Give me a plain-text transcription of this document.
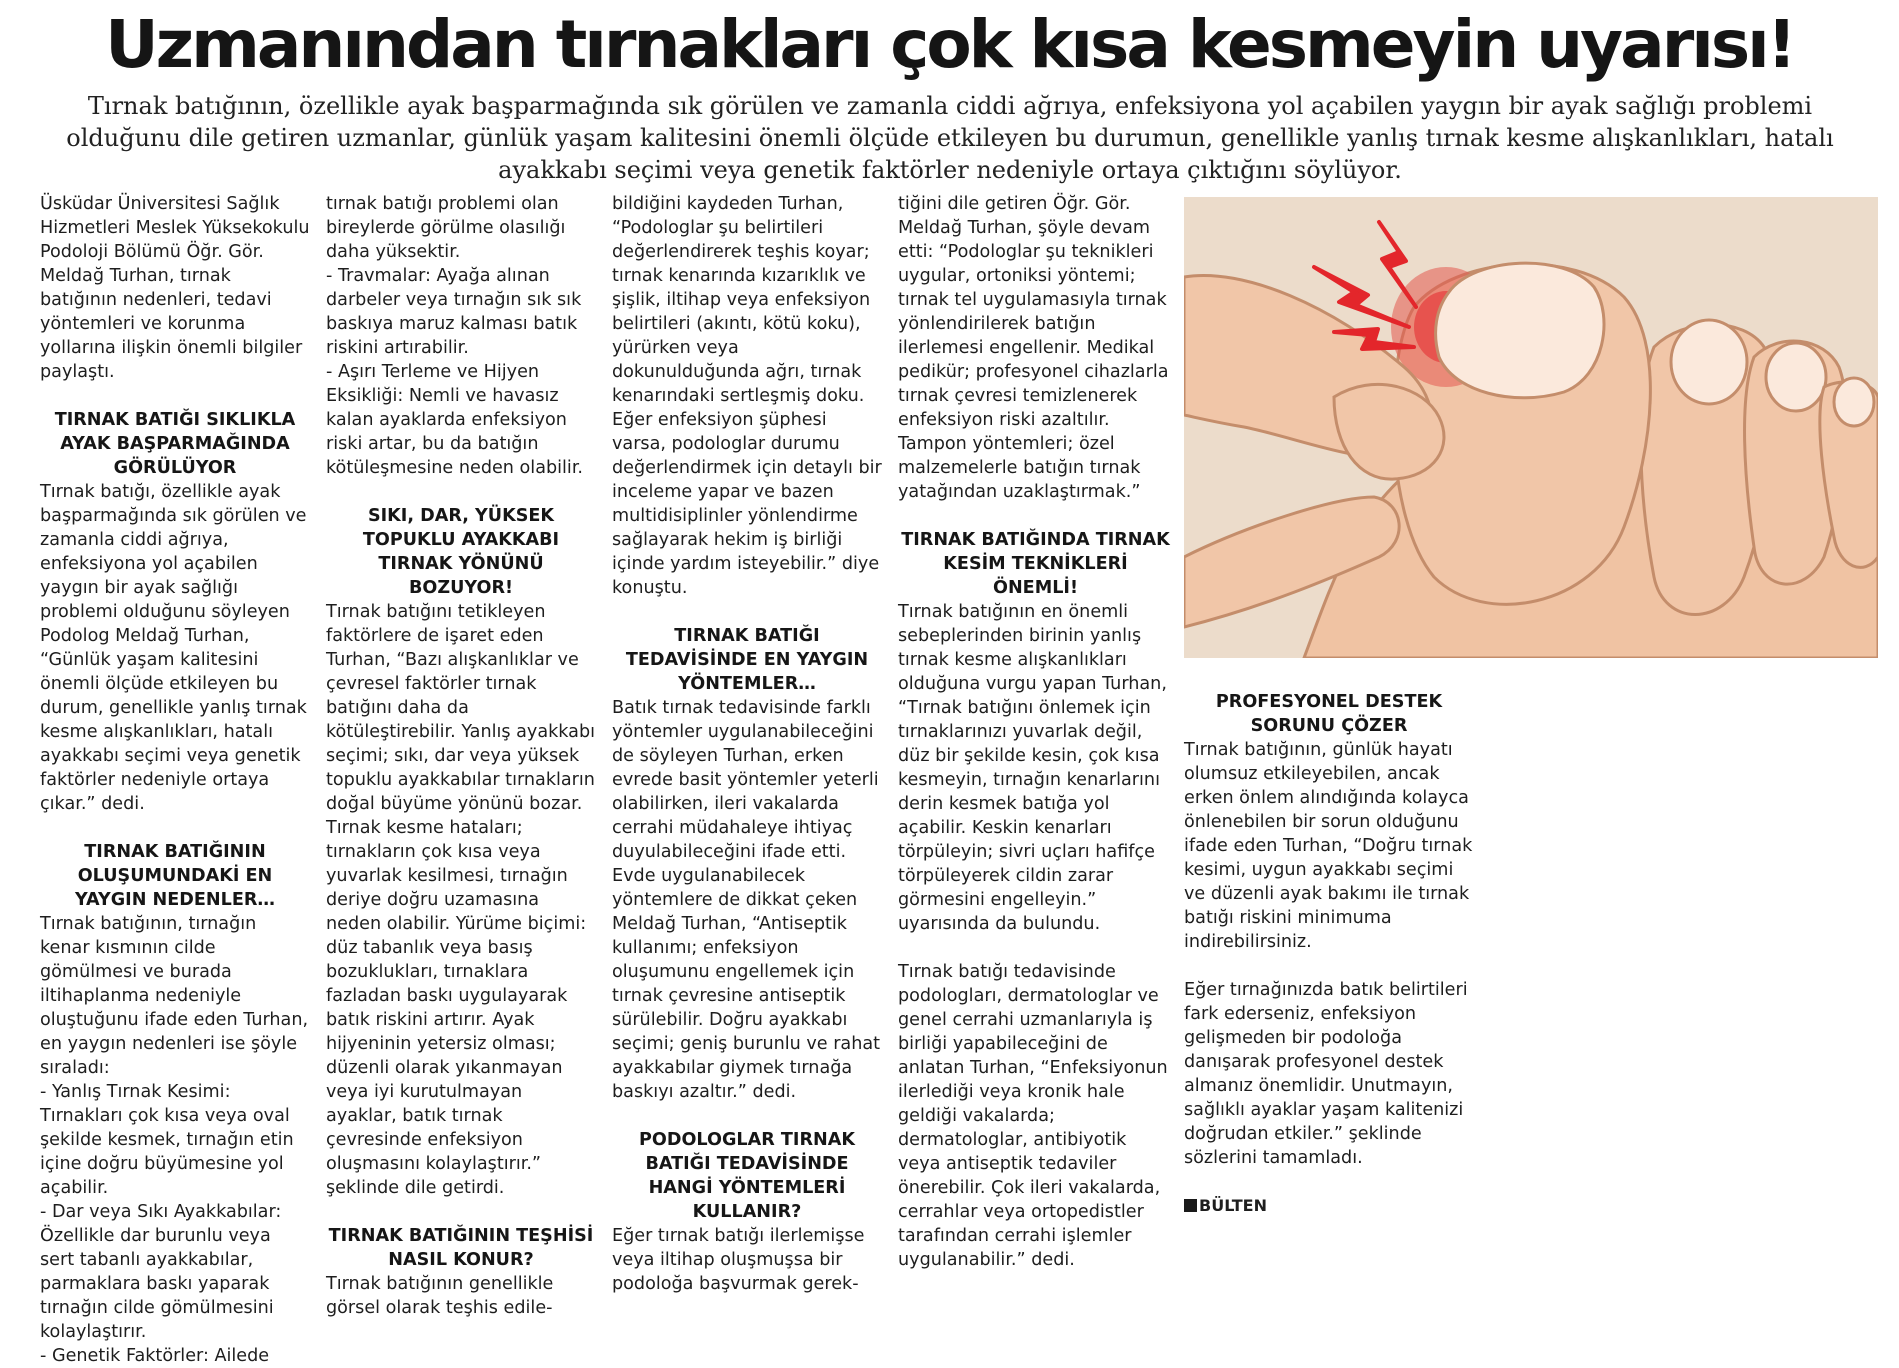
Uzmanından tırnakları çok kısa kesmeyin uyarısı!
Tırnak batığının, özellikle ayak başparmağında sık görülen ve zamanla ciddi ağrıya, enfeksiyona yol açabilen yaygın bir ayak sağlığı problemi olduğunu dile getiren uzmanlar, günlük yaşam kalitesini önemli ölçüde etkileyen bu durumun, genellikle yanlış tırnak kesme alışkanlıkları, hatalı ayakkabı seçimi veya genetik faktörler nedeniyle ortaya çıktığını söylüyor.

Üsküdar Üniversitesi Sağlık Hizmetleri Meslek Yüksekokulu Podoloji Bölümü Öğr. Gör. Meldağ Turhan, tırnak batığının nedenleri, tedavi yöntemleri ve korunma yollarına ilişkin önemli bilgiler paylaştı.

TIRNAK BATIĞI SIKLIKLA AYAK BAŞPARMAĞINDA GÖRÜLÜYOR

Tırnak batığı, özellikle ayak başparmağında sık görülen ve zamanla ciddi ağrıya, enfeksiyona yol açabilen yaygın bir ayak sağlığı problemi olduğunu söyleyen Podolog Meldağ Turhan, “Günlük yaşam kalitesini önemli ölçüde etkileyen bu durum, genellikle yanlış tırnak kesme alışkanlıkları, hatalı ayakkabı seçimi veya genetik faktörler nedeniyle ortaya çıkar.” dedi.

TIRNAK BATIĞININ OLUŞUMUNDAKİ EN YAYGIN NEDENLER…

Tırnak batığının, tırnağın kenar kısmının cilde gömülmesi ve burada iltihaplanma nedeniyle oluştuğunu ifade eden Turhan, en yaygın nedenleri ise şöyle sıraladı:

- Yanlış Tırnak Kesimi: Tırnakları çok kısa veya oval şekilde kesmek, tırnağın etin içine doğru büyümesine yol açabilir.

- Dar veya Sıkı Ayakkabılar: Özellikle dar burunlu veya sert tabanlı ayakkabılar, parmaklara baskı yaparak tırnağın cilde gömülmesini kolaylaştırır.

- Genetik Faktörler: Ailede

tırnak batığı problemi olan bireylerde görülme olasılığı daha yüksektir.

- Travmalar: Ayağa alınan darbeler veya tırnağın sık sık baskıya maruz kalması batık riskini artırabilir.

- Aşırı Terleme ve Hijyen Eksikliği: Nemli ve havasız kalan ayaklarda enfeksiyon riski artar, bu da batığın kötüleşmesine neden olabilir.

SIKI, DAR, YÜKSEK TOPUKLU AYAKKABI TIRNAK YÖNÜNÜ BOZUYOR!

Tırnak batığını tetikleyen faktörlere de işaret eden Turhan, “Bazı alışkanlıklar ve çevresel faktörler tırnak batığını daha da kötüleştirebilir. Yanlış ayakkabı seçimi; sıkı, dar veya yüksek topuklu ayakkabılar tırnakların doğal büyüme yönünü bozar. Tırnak kesme hataları; tırnakların çok kısa veya yuvarlak kesilmesi, tırnağın deriye doğru uzamasına neden olabilir. Yürüme biçimi: düz tabanlık veya basış bozuklukları, tırnaklara fazladan baskı uygulayarak batık riskini artırır. Ayak hijyeninin yetersiz olması; düzenli olarak yıkanmayan veya iyi kurutulmayan ayaklar, batık tırnak çevresinde enfeksiyon oluşmasını kolaylaştırır.” şeklinde dile getirdi.

TIRNAK BATIĞININ TEŞHİSİ NASIL KONUR?

Tırnak batığının genellikle görsel olarak teşhis edile-

bildiğini kaydeden Turhan, “Podologlar şu belirtileri değerlendirerek teşhis koyar; tırnak kenarında kızarıklık ve şişlik, iltihap veya enfeksiyon belirtileri (akıntı, kötü koku), yürürken veya dokunulduğunda ağrı, tırnak kenarındaki sertleşmiş doku. Eğer enfeksiyon şüphesi varsa, podologlar durumu değerlendirmek için detaylı bir inceleme yapar ve bazen multidisiplinler yönlendirme sağlayarak hekim iş birliği içinde yardım isteyebilir.” diye konuştu.

TIRNAK BATIĞI TEDAVİSİNDE EN YAYGIN YÖNTEMLER…

Batık tırnak tedavisinde farklı yöntemler uygulanabileceğini de söyleyen Turhan, erken evrede basit yöntemler yeterli olabilirken, ileri vakalarda cerrahi müdahaleye ihtiyaç duyulabileceğini ifade etti. Evde uygulanabilecek yöntemlere de dikkat çeken Meldağ Turhan, “Antiseptik kullanımı; enfeksiyon oluşumunu engellemek için tırnak çevresine antiseptik sürülebilir. Doğru ayakkabı seçimi; geniş burunlu ve rahat ayakkabılar giymek tırnağa baskıyı azaltır.” dedi.

PODOLOGLAR TIRNAK BATIĞI TEDAVİSİNDE HANGİ YÖNTEMLERİ KULLANIR?

Eğer tırnak batığı ilerlemişse veya iltihap oluşmuşsa bir podoloğa başvurmak gerek-

tiğini dile getiren Öğr. Gör. Meldağ Turhan, şöyle devam etti: “Podologlar şu teknikleri uygular, ortoniksi yöntemi; tırnak tel uygulamasıyla tırnak yönlendirilerek batığın ilerlemesi engellenir. Medikal pedikür; profesyonel cihazlarla tırnak çevresi temizlenerek enfeksiyon riski azaltılır. Tampon yöntemleri; özel malzemelerle batığın tırnak yatağından uzaklaştırmak.”

TIRNAK BATIĞINDA TIRNAK KESİM TEKNİKLERİ ÖNEMLİ!

Tırnak batığının en önemli sebeplerinden birinin yanlış tırnak kesme alışkanlıkları olduğuna vurgu yapan Turhan, “Tırnak batığını önlemek için tırnaklarınızı yuvarlak değil, düz bir şekilde kesin, çok kısa kesmeyin, tırnağın kenarlarını derin kesmek batığa yol açabilir. Keskin kenarları törpüleyin; sivri uçları hafifçe törpüleyerek cildin zarar görmesini engelleyin.” uyarısında da bulundu.

Tırnak batığı tedavisinde podologları, dermatologlar ve genel cerrahi uzmanlarıyla iş birliği yapabileceğini de anlatan Turhan, “Enfeksiyonun ilerlediği veya kronik hale geldiği vakalarda; dermatologlar, antibiyotik veya antiseptik tedaviler önerebilir. Çok ileri vakalarda, cerrahlar veya ortopedistler tarafından cerrahi işlemler uygulanabilir.” dedi.

PROFESYONEL DESTEK SORUNU ÇÖZER

Tırnak batığının, günlük hayatı olumsuz etkileyebilen, ancak erken önlem alındığında kolayca önlenebilen bir sorun olduğunu ifade eden Turhan, “Doğru tırnak kesimi, uygun ayakkabı seçimi ve düzenli ayak bakımı ile tırnak batığı riskini minimuma indirebilirsiniz.

Eğer tırnağınızda batık belirtileri fark ederseniz, enfeksiyon gelişmeden bir podoloğa danışarak profesyonel destek almanız önemlidir. Unutmayın, sağlıklı ayaklar yaşam kalitenizi doğrudan etkiler.” şeklinde sözlerini tamamladı.

BÜLTEN
